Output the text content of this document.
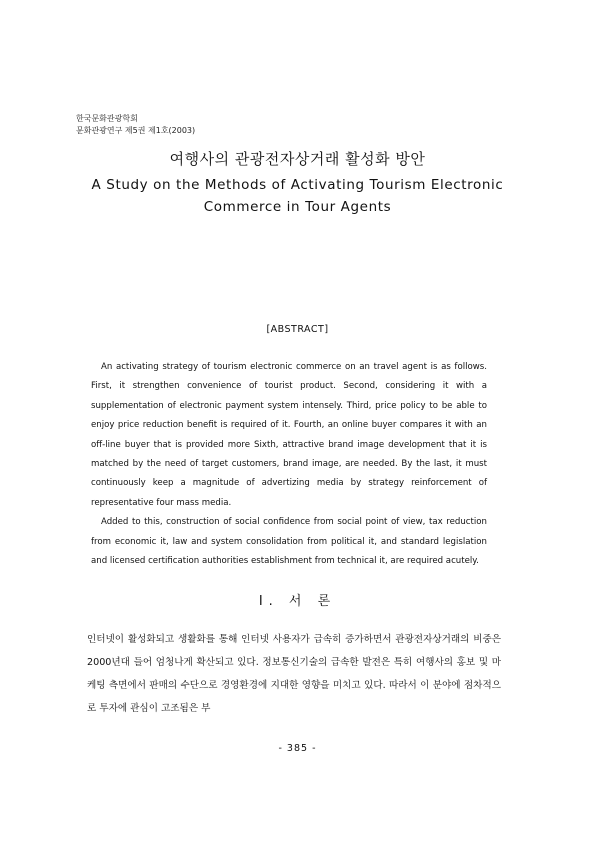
한국문화관광학회
문화관광연구 제5권 제1호(2003)
여행사의 관광전자상거래 활성화 방안
A Study on the Methods of Activating Tourism Electronic
Commerce in Tour Agents
[ABSTRACT]

An activating strategy of tourism electronic commerce on an travel agent is as follows. First, it strengthen convenience of tourist product. Second, considering it with a supplementation of electronic payment system intensely. Third, price policy to be able to enjoy price reduction benefit is required of it. Fourth, an online buyer compares it with an off-line buyer that is provided more Sixth, attractive brand image development that it is matched by the need of target customers, brand image, are needed. By the last, it must continuously keep a magnitude of advertizing media by strategy reinforcement of representative four mass media.

Added to this, construction of social confidence from social point of view, tax reduction from economic it, law and system consolidation from political it, and standard legislation and licensed certification authorities establishment from technical it, are required acutely.

Ⅰ. 서 론

인터넷이 활성화되고 생활화를 통해 인터넷 사용자가 급속히 증가하면서 관광전자상거래의 비중은 2000년대 들어 엄청나게 확산되고 있다. 정보통신기술의 급속한 발전은 특히 여행사의 홍보 및 마케팅 측면에서 판매의 수단으로 경영환경에 지대한 영향을 미치고 있다. 따라서 이 분야에 점차적으로 투자에 관심이 고조됨은 부

- 385 -
